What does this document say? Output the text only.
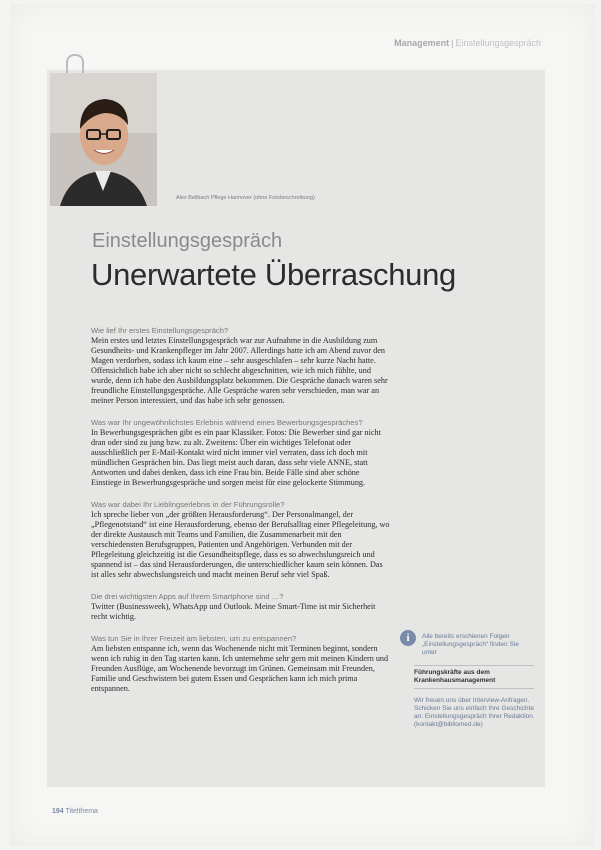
Management | Einstellungsgespräch
Alex Bellbach Pflege Hannover (ohne Fotobeschreibung)
Einstellungsgespräch
Unerwartete Überraschung
Wie lief Ihr erstes Einstellungsgespräch?
Mein erstes und letztes Einstellungsgespräch war zur Aufnahme in die Ausbildung zum Gesundheits- und Krankenpfleger im Jahr 2007. Allerdings hatte ich am Abend zuvor den Magen verdorben, sodass ich kaum eine – sehr ausgeschlafen – sehr kurze Nacht hatte. Offensichtlich habe ich aber nicht so schlecht abgeschnitten, wie ich mich fühlte, und wurde, denn ich habe den Ausbildungsplatz bekommen. Die Gespräche danach waren sehr freundliche Einstellungsgespräche. Alle Gespräche waren sehr verschieden, man war an meiner Person interessiert, und das habe ich sehr genossen.
Was war Ihr ungewöhnlichstes Erlebnis während eines Bewerbungsgespräches?
In Bewerbungsgesprächen gibt es ein paar Klassiker. Fotos: Die Bewerber sind gar nicht dran oder sind zu jung bzw. zu alt. Zweitens: Über ein wichtiges Telefonat oder ausschließlich per E-Mail-Kontakt wird nicht immer viel verraten, dass ich doch mit mündlichen Gesprächen bin. Das liegt meist auch daran, dass sehr viele ANNE, statt Antworten und dabei denken, dass ich eine Frau bin. Beide Fälle sind aber schöne Einstiege in Bewerbungsgespräche und sorgen meist für eine gelockerte Stimmung.
Was war dabei Ihr Lieblingserlebnis in der Führungsrolle?
Ich spreche lieber von „der größten Herausforderung“. Der Personalmangel, der „Pflegenotstand“ ist eine Herausforderung, ebenso der Berufsalltag einer Pflegeleitung, wo der direkte Austausch mit Teams und Familien, die Zusammenarbeit mit den verschiedensten Berufsgruppen, Patienten und Angehörigen. Verbunden mit der Pflegeleitung gleichzeitig ist die Gesundheitspflege, dass es so abwechslungsreich und spannend ist – das sind Herausforderungen, die unterschiedlicher kaum sein können. Das ist alles sehr abwechslungsreich und macht meinen Beruf sehr viel Spaß.
Die drei wichtigsten Apps auf Ihrem Smartphone sind …?
Twitter (Businessweek), WhatsApp und Outlook. Meine Smart-Time ist mir Sicherheit recht wichtig.
Was tun Sie in Ihrer Freizeit am liebsten, um zu entspannen?
Am liebsten entspanne ich, wenn das Wochenende nicht mit Terminen beginnt, sondern wenn ich ruhig in den Tag starten kann. Ich unternehme sehr gern mit meinen Kindern und Freunden Ausflüge, am Wochenende bevorzugt im Grünen. Gemeinsam mit Freunden, Familie und Geschwistern bei gutem Essen und Gesprächen kann ich mich prima entspannen.
i	Alle bereits erschienen Folgen „Einstellungsgespräch“ finden Sie unter
Führungskräfte aus dem Krankenhausmanagement
Wir freuen uns über Interview-Anfragen. Schicken Sie uns einfach Ihre Geschichte an: Einstellungsgespräch Ihrer Redaktion (kontakt@bibliomed.de)
194 Titelthema
